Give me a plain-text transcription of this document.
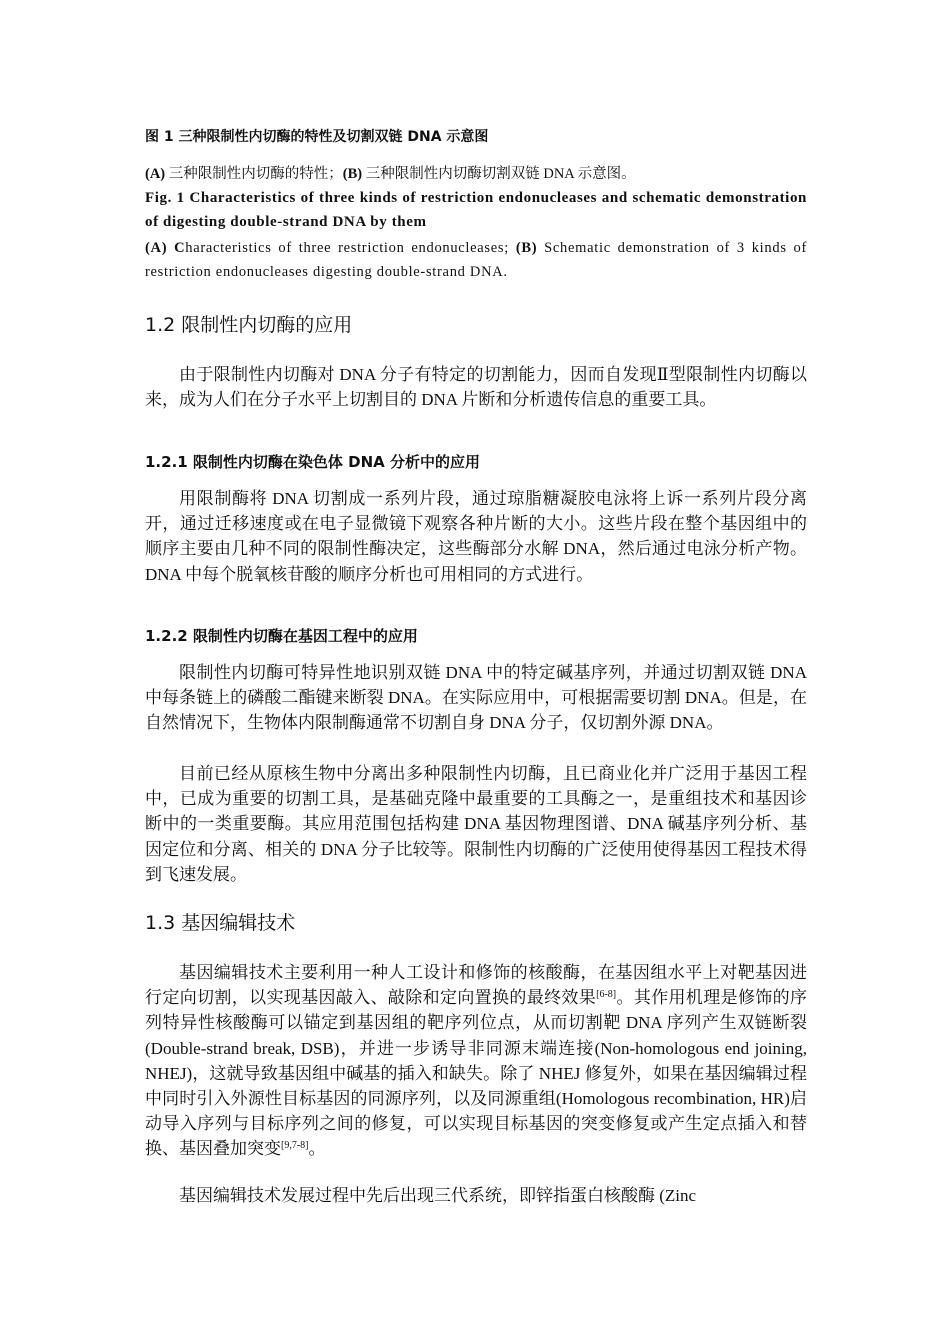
图 1 三种限制性内切酶的特性及切割双链 DNA 示意图
(A) 三种限制性内切酶的特性；(B) 三种限制性内切酶切割双链 DNA 示意图。
Fig. 1 Characteristics of three kinds of restriction endonucleases and schematic demonstration of digesting double-strand DNA by them
(A) Characteristics of three restriction endonucleases; (B) Schematic demonstration of 3 kinds of restriction endonucleases digesting double-strand DNA.
1.2 限制性内切酶的应用
由于限制性内切酶对 DNA 分子有特定的切割能力，因而自发现Ⅱ型限制性内切酶以来，成为人们在分子水平上切割目的 DNA 片断和分析遗传信息的重要工具。
1.2.1 限制性内切酶在染色体 DNA 分析中的应用
用限制酶将 DNA 切割成一系列片段，通过琼脂糖凝胶电泳将上诉一系列片段分离开，通过迁移速度或在电子显微镜下观察各种片断的大小。这些片段在整个基因组中的顺序主要由几种不同的限制性酶决定，这些酶部分水解 DNA，然后通过电泳分析产物。DNA 中每个脱氧核苷酸的顺序分析也可用相同的方式进行。
1.2.2 限制性内切酶在基因工程中的应用
限制性内切酶可特异性地识别双链 DNA 中的特定碱基序列，并通过切割双链 DNA 中每条链上的磷酸二酯键来断裂 DNA。在实际应用中，可根据需要切割 DNA。但是，在自然情况下，生物体内限制酶通常不切割自身 DNA 分子，仅切割外源 DNA。
目前已经从原核生物中分离出多种限制性内切酶，且已商业化并广泛用于基因工程中，已成为重要的切割工具，是基础克隆中最重要的工具酶之一，是重组技术和基因诊断中的一类重要酶。其应用范围包括构建 DNA 基因物理图谱、DNA 碱基序列分析、基因定位和分离、相关的 DNA 分子比较等。限制性内切酶的广泛使用使得基因工程技术得到飞速发展。
1.3 基因编辑技术
基因编辑技术主要利用一种人工设计和修饰的核酸酶，在基因组水平上对靶基因进行定向切割，以实现基因敲入、敲除和定向置换的最终效果[6-8]。其作用机理是修饰的序列特异性核酸酶可以锚定到基因组的靶序列位点，从而切割靶 DNA 序列产生双链断裂(Double-strand break, DSB)，并进一步诱导非同源末端连接(Non-homologous end joining, NHEJ)，这就导致基因组中碱基的插入和缺失。除了 NHEJ 修复外，如果在基因编辑过程中同时引入外源性目标基因的同源序列，以及同源重组(Homologous recombination, HR)启动导入序列与目标序列之间的修复，可以实现目标基因的突变修复或产生定点插入和替换、基因叠加突变[9,7-8]。
基因编辑技术发展过程中先后出现三代系统，即锌指蛋白核酸酶 (Zinc
